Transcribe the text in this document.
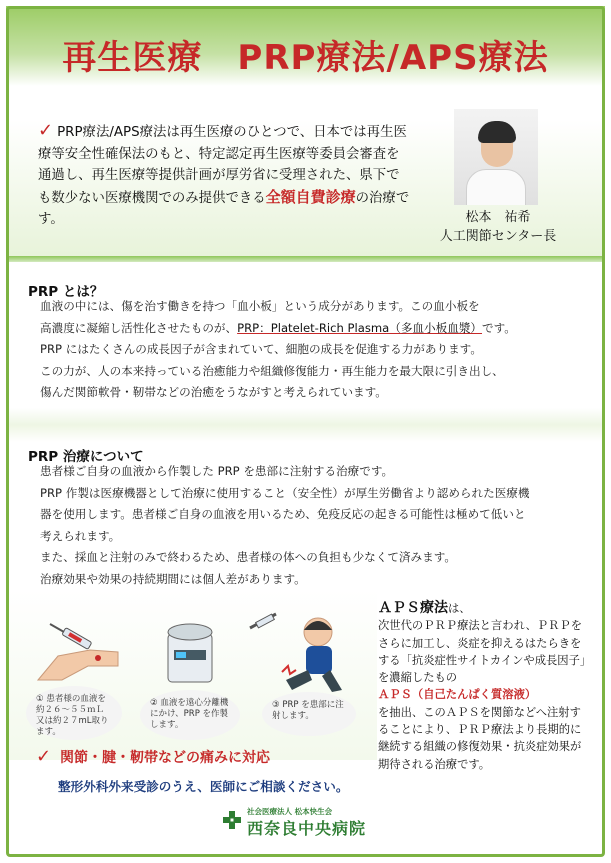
再生医療　PRP療法/APS療法

✓ PRP療法/APS療法は再生医療のひとつで、日本では再生医療等安全性確保法のもと、特定認定再生医療等委員会審査を通過し、再生医療等提供計画が厚労省に受理された、県下でも数少ない医療機関でのみ提供できる全額自費診療の治療です。	松本　祐希
人工関節センター長
PRP とは？
血液の中には、傷を治す働きを持つ「血小板」という成分があります。この血小板を
高濃度に凝縮し活性化させたものが、PRP：Platelet-Rich Plasma（多血小板血漿）です。
PRP にはたくさんの成長因子が含まれていて、細胞の成長を促進する力があります。
この力が、人の本来持っている治癒能力や組織修復能力・再生能力を最大限に引き出し、
傷んだ関節軟骨・靭帯などの治癒をうながすと考えられています。
PRP 治療について
患者様ご自身の血液から作製した PRP を患部に注射する治療です。
PRP 作製は医療機器として治療に使用すること（安全性）が厚生労働省より認められた医療機
器を使用します。患者様ご自身の血液を用いるため、免疫反応の起きる可能性は極めて低いと
考えられます。
また、採血と注射のみで終わるため、患者様の体への負担も少なくて済みます。
治療効果や効果の持続期間には個人差があります。
① 患者様の血液を約２６～５５ｍＬ又は約２７mL取ります。
② 血液を遠心分離機にかけ、PRP を作製します。
③ PRP を患部に注射します。
ＡＰＳ療法は、
次世代のＰＲＰ療法と言われ、ＰＲＰをさらに加工し、炎症を抑えるはたらきをする「抗炎症性サイトカインや成長因子」を濃縮したもの
ＡＰＳ（自己たんぱく質溶液）
を抽出、このＡＰＳを関節などへ注射することにより、ＰＲＰ療法より長期的に継続する組織の修復効果・抗炎症効果が期待される治療です。
✓ 関節・腱・靭帯などの痛みに対応
整形外科外来受診のうえ、医師にご相談ください。
社会医療法人 松本快生会
西奈良中央病院
